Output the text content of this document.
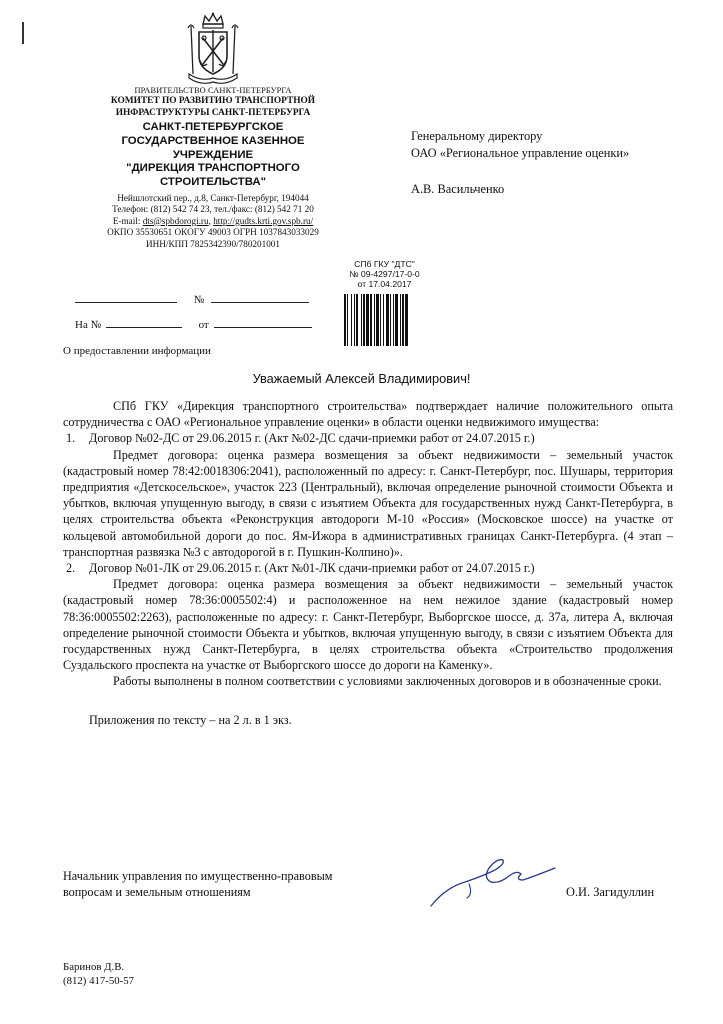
ПРАВИТЕЛЬСТВО САНКТ-ПЕТЕРБУРГА
КОМИТЕТ ПО РАЗВИТИЮ ТРАНСПОРТНОЙ
ИНФРАСТРУКТУРЫ САНКТ-ПЕТЕРБУРГА
САНКТ-ПЕТЕРБУРГСКОЕ
ГОСУДАРСТВЕННОЕ КАЗЕННОЕ
УЧРЕЖДЕНИЕ
"ДИРЕКЦИЯ ТРАНСПОРТНОГО
СТРОИТЕЛЬСТВА"
Нейшлотский пер., д.8, Санкт-Петербург, 194044
Телефон: (812) 542 74 23, тел./факс: (812) 542 71 20
E-mail: dts@spbdorogi.ru, http://gudts.krti.gov.spb.ru/
ОКПО 35530651 ОКОГУ 49003 ОГРН 1037843033029
ИНН/КПП 7825342390/780201001
Генеральному директору
ОАО «Региональное управление оценки»
А.В. Васильченко
СПб ГКУ "ДТС"
№ 09-4297/17-0-0
от 17.04.2017
№
На №	от
О предоставлении информации
Уважаемый Алексей Владимирович!

СПб ГКУ «Дирекция транспортного строительства» подтверждает наличие положительного опыта сотрудничества с ОАО «Региональное управление оценки» в области оценки недвижимого имущества:

1. Договор №02-ДС от 29.06.2015 г. (Акт №02-ДС сдачи-приемки работ от 24.07.2015 г.)

Предмет договора: оценка размера возмещения за объект недвижимости – земельный участок (кадастровый номер 78:42:0018306:2041), расположенный по адресу: г. Санкт-Петербург, пос. Шушары, территория предприятия «Детскосельское», участок 223 (Центральный), включая определение рыночной стоимости Объекта и убытков, включая упущенную выгоду, в связи с изъятием Объекта для государственных нужд Санкт-Петербурга, в целях строительства объекта «Реконструкция автодороги М-10 «Россия» (Московское шоссе) на участке от кольцевой автомобильной дороги до пос. Ям-Ижора в административных границах Санкт-Петербурга. (4 этап – транспортная развязка №3 с автодорогой в г. Пушкин-Колпино)».

2. Договор №01-ЛК от 29.06.2015 г. (Акт №01-ЛК сдачи-приемки работ от 24.07.2015 г.)

Предмет договора: оценка размера возмещения за объект недвижимости – земельный участок (кадастровый номер 78:36:0005502:4) и расположенное на нем нежилое здание (кадастровый номер 78:36:0005502:2263), расположенные по адресу: г. Санкт-Петербург, Выборгское шоссе, д. 37а, литера А, включая определение рыночной стоимости Объекта и убытков, включая упущенную выгоду, в связи с изъятием Объекта для государственных нужд Санкт-Петербурга, в целях строительства объекта «Строительство продолжения Суздальского проспекта на участке от Выборгского шоссе до дороги на Каменку».

Работы выполнены в полном соответствии с условиями заключенных договоров и в обозначенные сроки.

Приложения по тексту – на 2 л. в 1 экз.

Начальник управления по имущественно-правовым
вопросам и земельным отношениям	О.И. Загидуллин
Баринов Д.В.
(812) 417-50-57
